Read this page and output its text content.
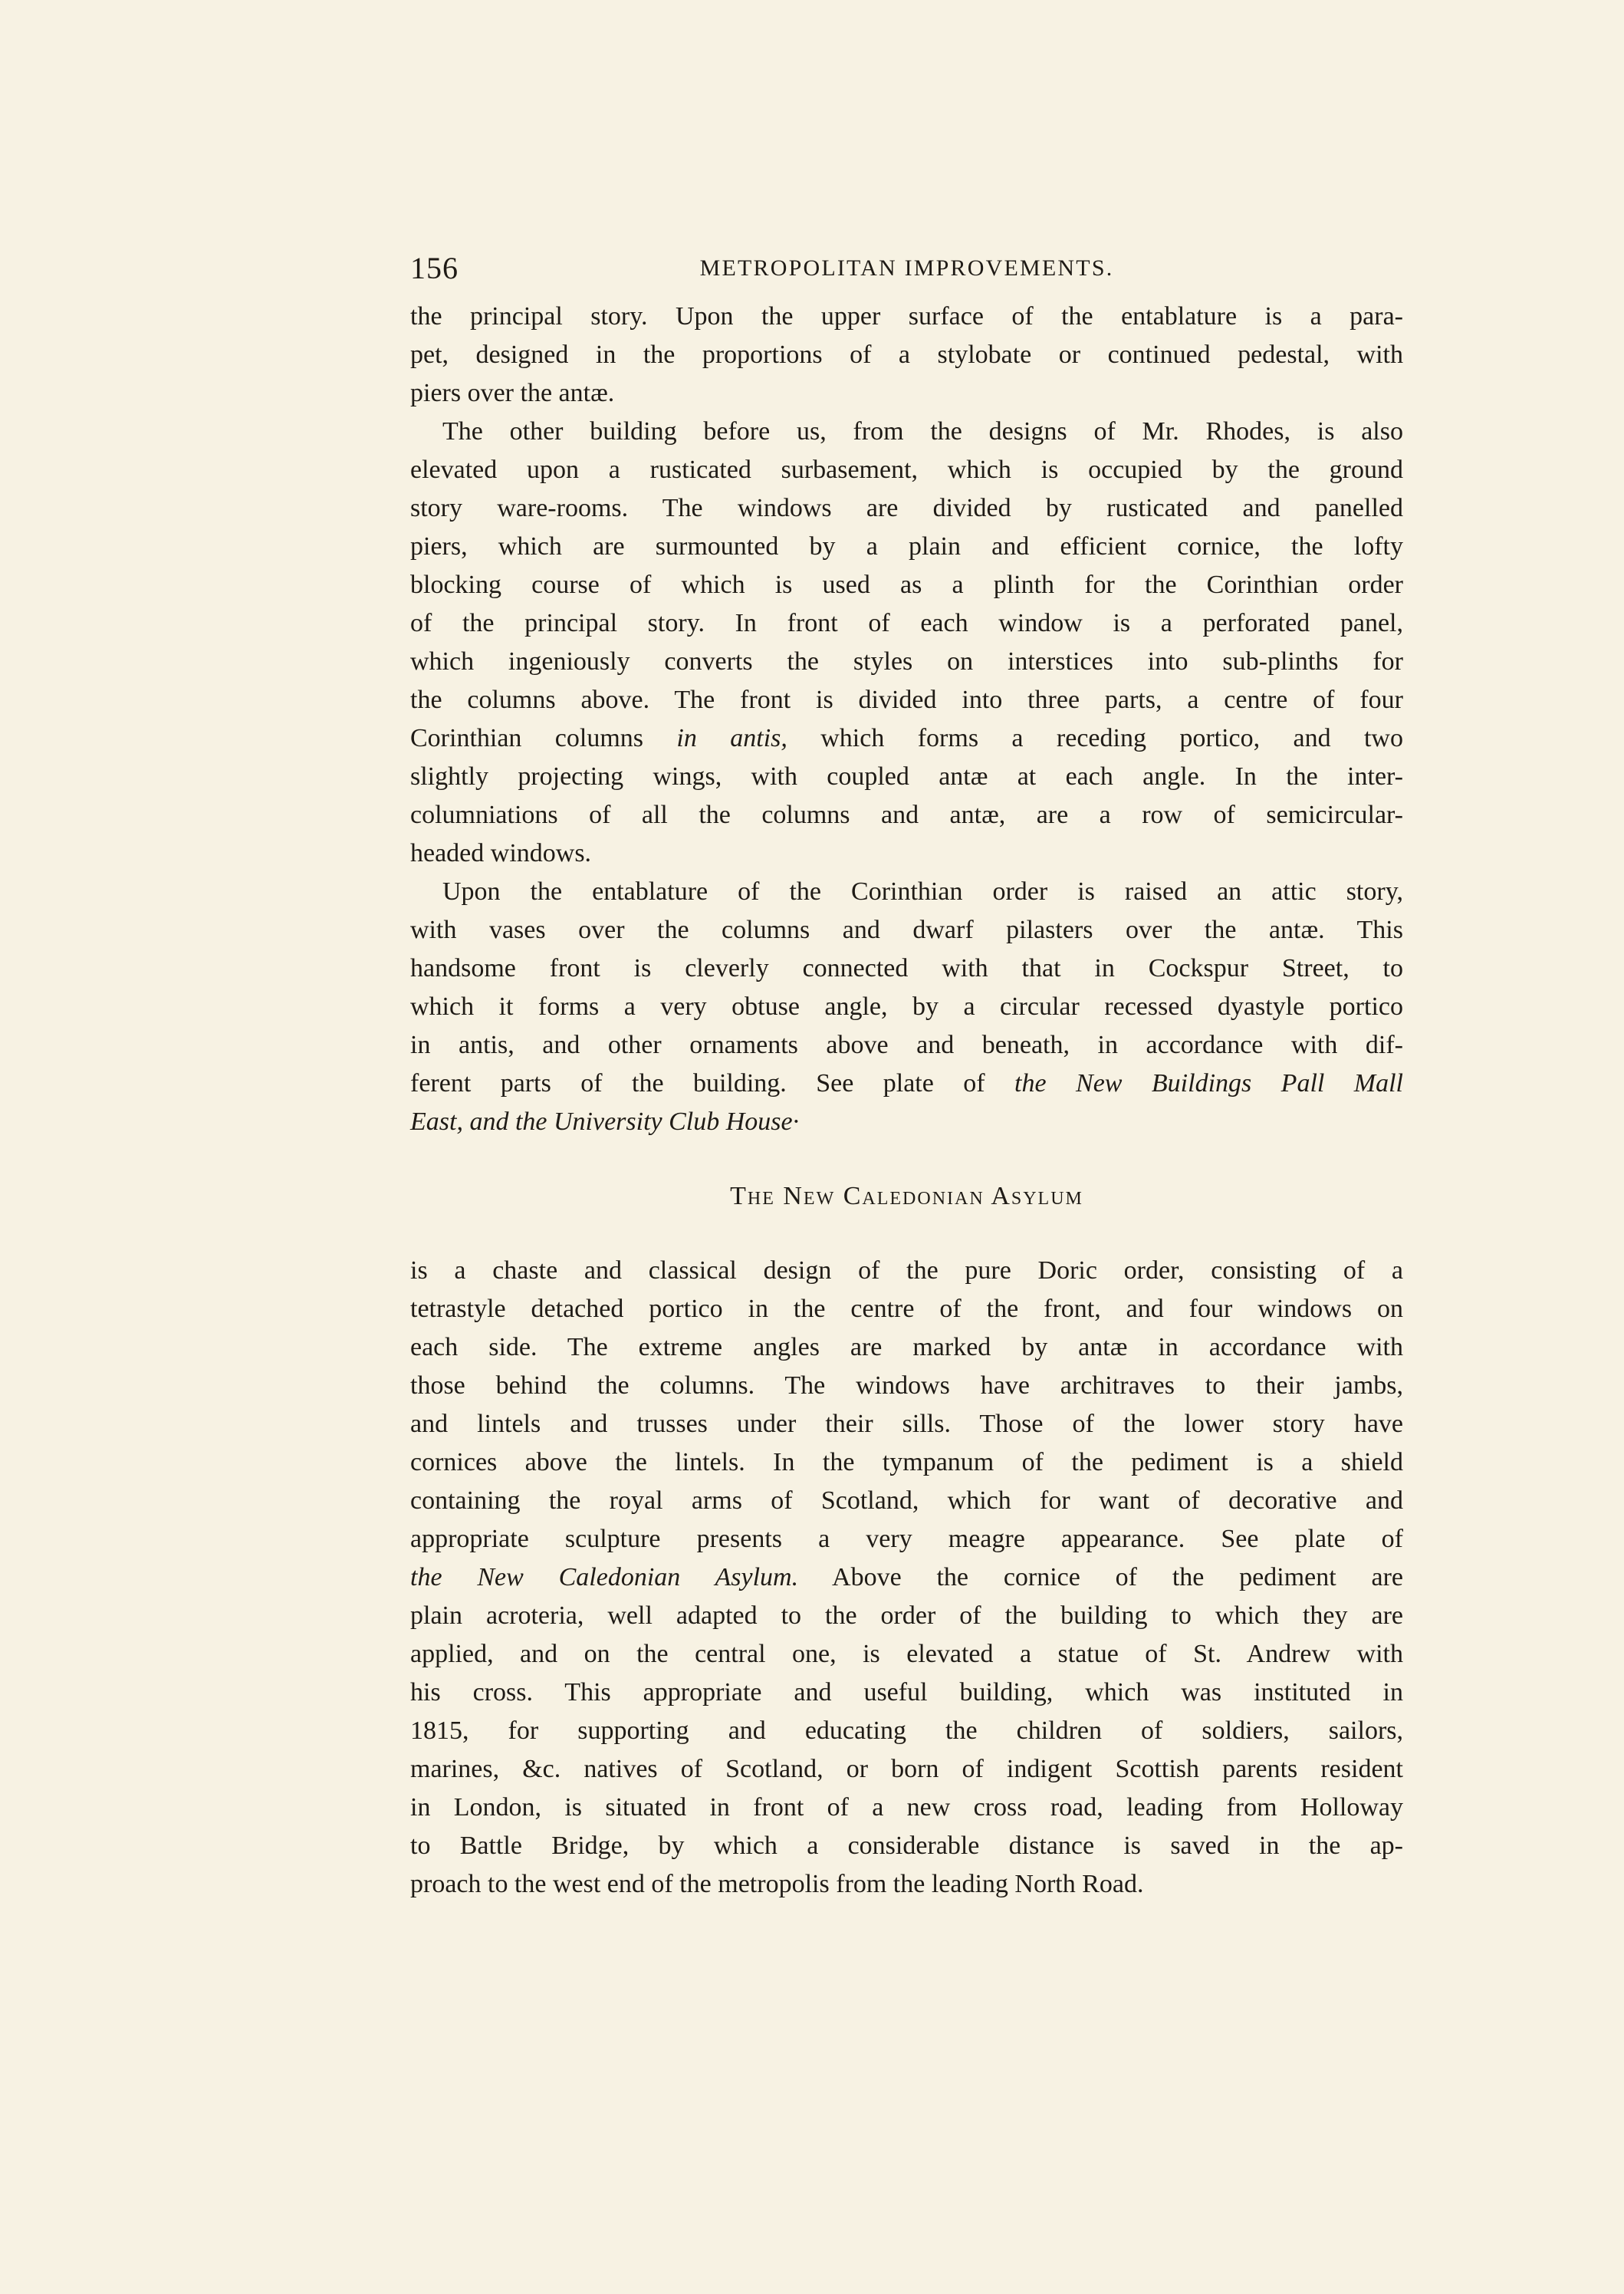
156	METROPOLITAN IMPROVEMENTS.
the principal story. Upon the upper surface of the entablature is a para-
pet, designed in the proportions of a stylobate or continued pedestal, with
piers over the antæ.
The other building before us, from the designs of Mr. Rhodes, is also
elevated upon a rusticated surbasement, which is occupied by the ground
story ware-rooms. The windows are divided by rusticated and panelled
piers, which are surmounted by a plain and efficient cornice, the lofty
blocking course of which is used as a plinth for the Corinthian order
of the principal story. In front of each window is a perforated panel,
which ingeniously converts the styles on interstices into sub-plinths for
the columns above. The front is divided into three parts, a centre of four
Corinthian columns in antis, which forms a receding portico, and two
slightly projecting wings, with coupled antæ at each angle. In the inter-
columniations of all the columns and antæ, are a row of semicircular-
headed windows.
Upon the entablature of the Corinthian order is raised an attic story,
with vases over the columns and dwarf pilasters over the antæ. This
handsome front is cleverly connected with that in Cockspur Street, to
which it forms a very obtuse angle, by a circular recessed dyastyle portico
in antis, and other ornaments above and beneath, in accordance with dif-
ferent parts of the building. See plate of the New Buildings Pall Mall
East, and the University Club House·
The New Caledonian Asylum
is a chaste and classical design of the pure Doric order, consisting of a
tetrastyle detached portico in the centre of the front, and four windows on
each side. The extreme angles are marked by antæ in accordance with
those behind the columns. The windows have architraves to their jambs,
and lintels and trusses under their sills. Those of the lower story have
cornices above the lintels. In the tympanum of the pediment is a shield
containing the royal arms of Scotland, which for want of decorative and
appropriate sculpture presents a very meagre appearance. See plate of
the New Caledonian Asylum. Above the cornice of the pediment are
plain acroteria, well adapted to the order of the building to which they are
applied, and on the central one, is elevated a statue of St. Andrew with
his cross. This appropriate and useful building, which was instituted in
1815, for supporting and educating the children of soldiers, sailors,
marines, &c. natives of Scotland, or born of indigent Scottish parents resident
in London, is situated in front of a new cross road, leading from Holloway
to Battle Bridge, by which a considerable distance is saved in the ap-
proach to the west end of the metropolis from the leading North Road.
